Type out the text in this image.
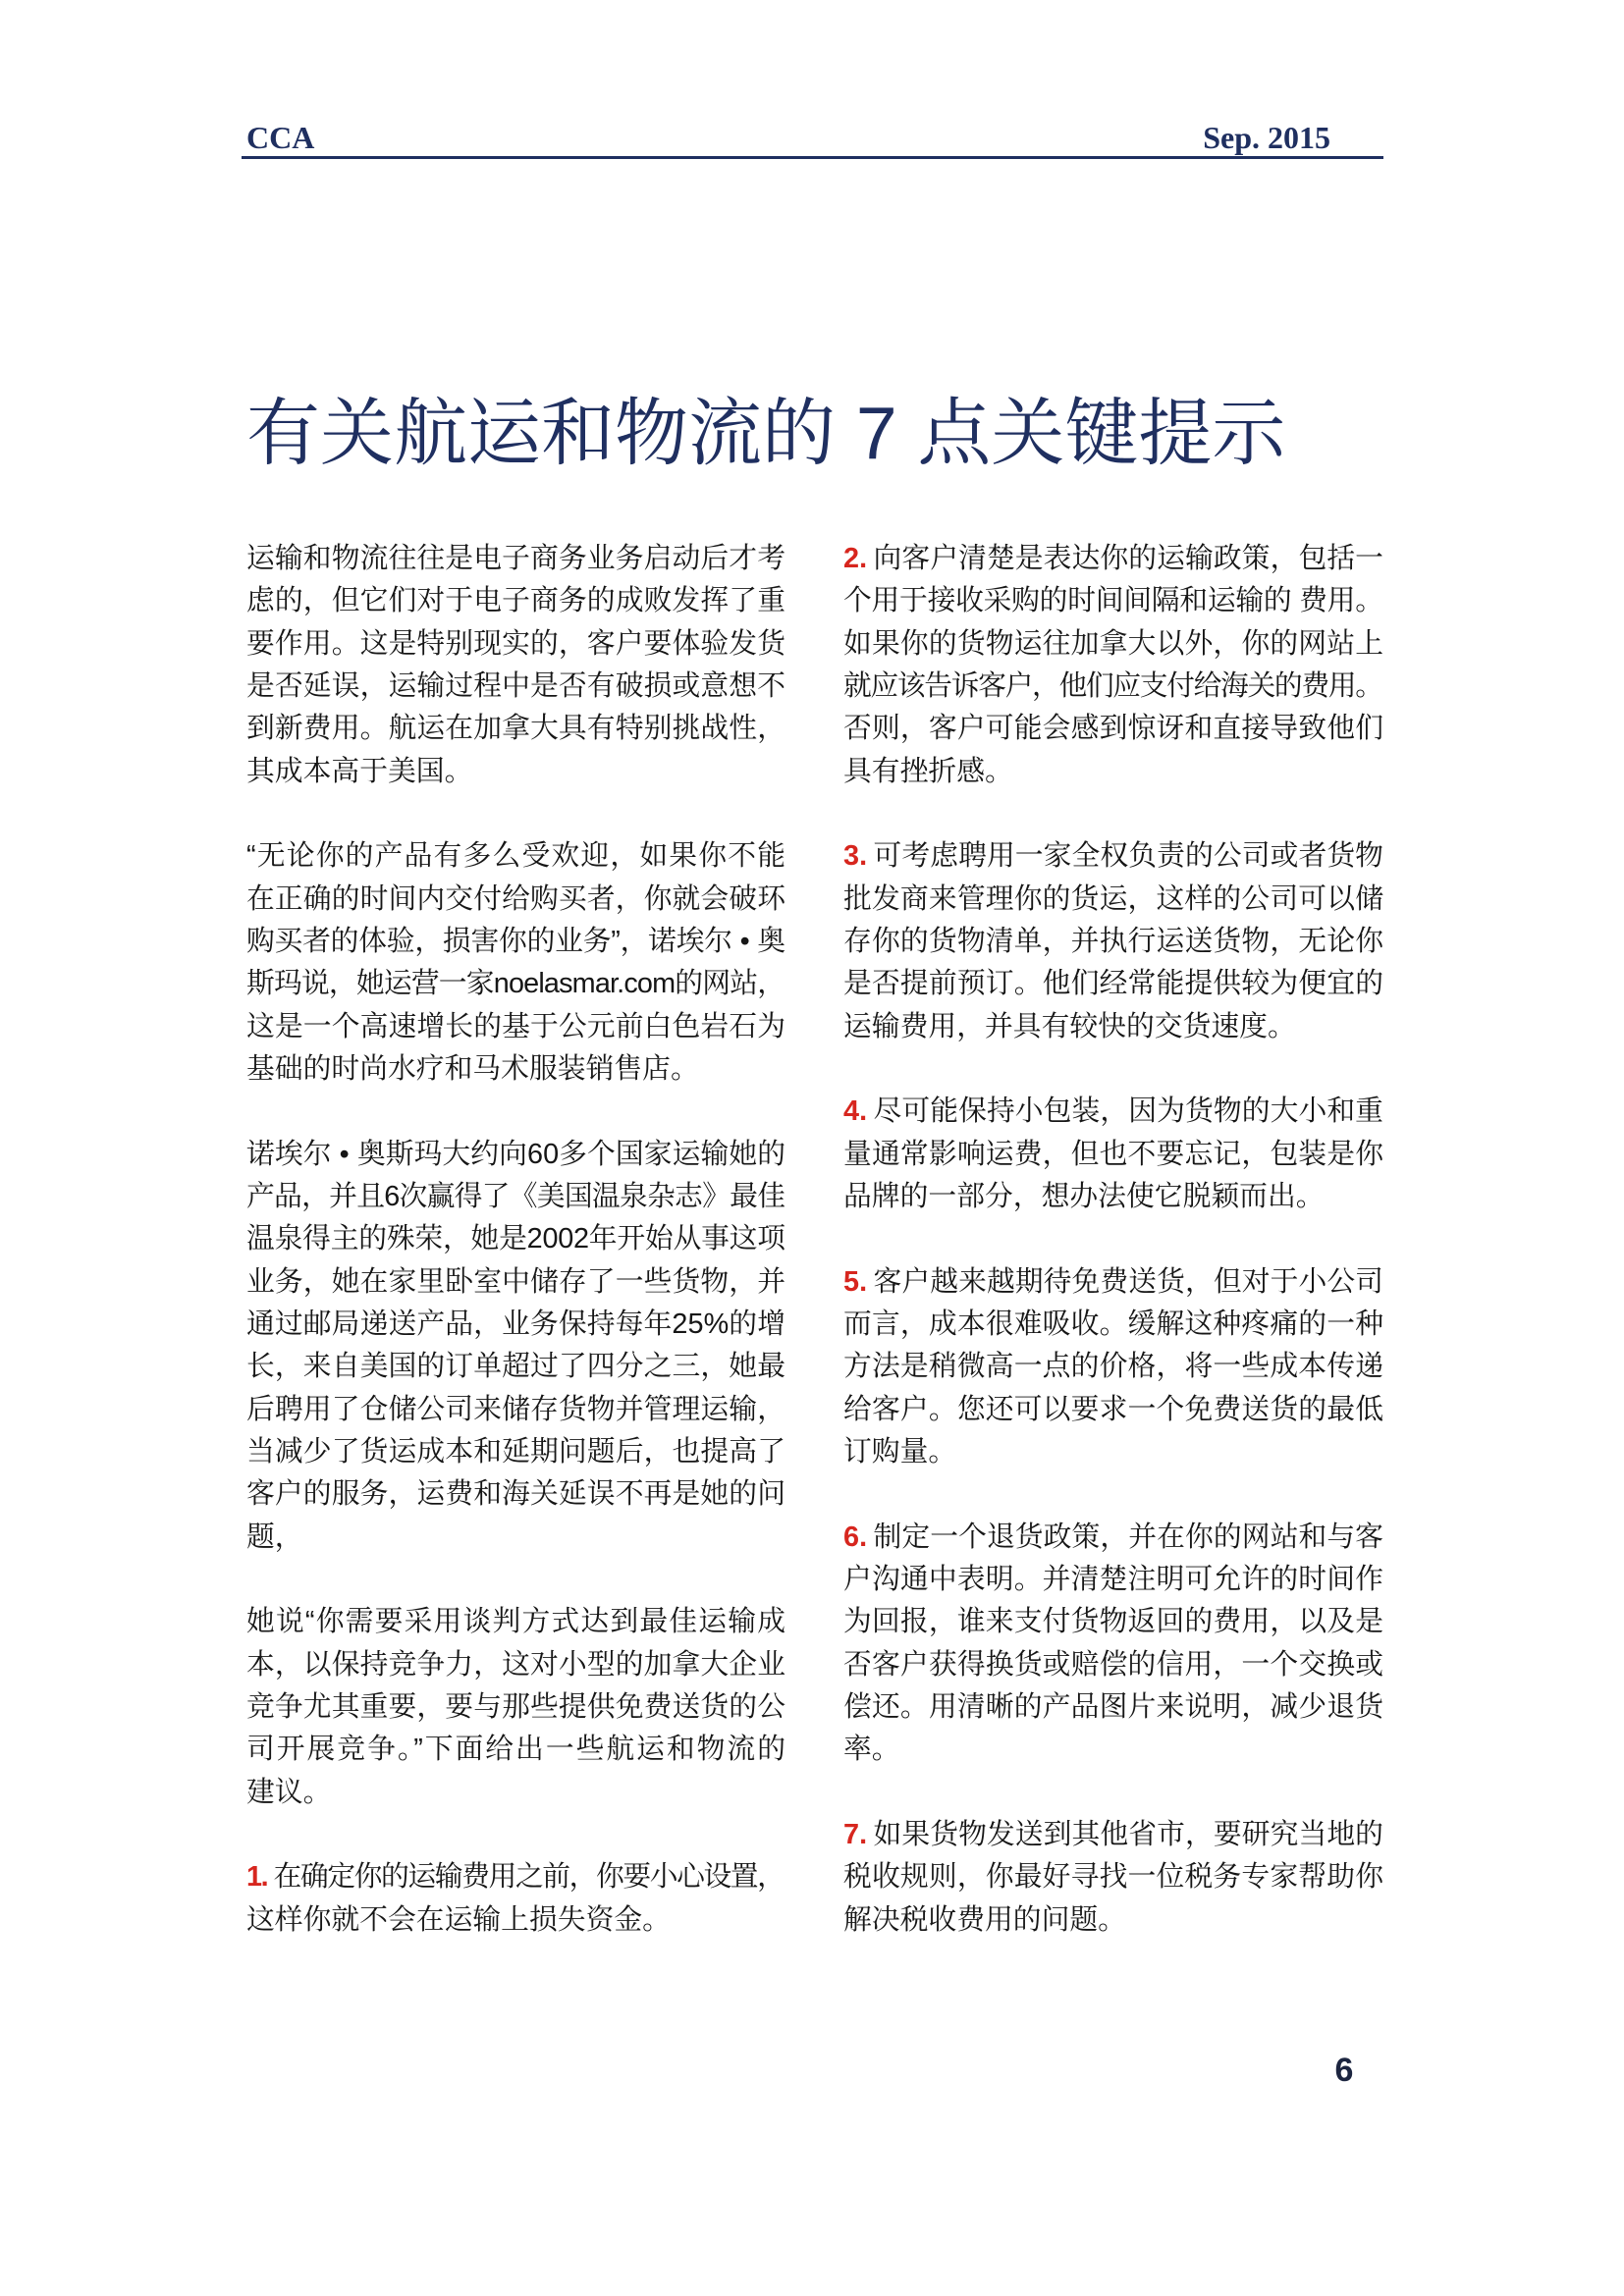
CCA	Sep. 2015
有关航运和物流的 7 点关键提示
运输和物流往往是电子商务业务启动后才考
虑的，但它们对于电子商务的成败发挥了重
要作用。这是特别现实的，客户要体验发货
是否延误，运输过程中是否有破损或意想不
到新费用。航运在加拿大具有特别挑战性，
其成本高于美国。
“无论你的产品有多么受欢迎，如果你不能
在正确的时间内交付给购买者，你就会破环
购买者的体验，损害你的业务”，诺埃尔 • 奥
斯玛说，她运营一家noelasmar.com的网站，
这是一个高速增长的基于公元前白色岩石为
基础的时尚水疗和马术服装销售店。
诺埃尔 • 奥斯玛大约向60多个国家运输她的
产品，并且6次赢得了《美国温泉杂志》最佳
温泉得主的殊荣，她是2002年开始从事这项
业务，她在家里卧室中储存了一些货物，并
通过邮局递送产品，业务保持每年25%的增
长，来自美国的订单超过了四分之三，她最
后聘用了仓储公司来储存货物并管理运输，
当减少了货运成本和延期问题后，也提高了
客户的服务，运费和海关延误不再是她的问
题，
她说“你需要采用谈判方式达到最佳运输成
本，以保持竞争力，这对小型的加拿大企业
竞争尤其重要，要与那些提供免费送货的公
司开展竞争。”下面给出一些航运和物流的
建议。
1. 在确定你的运输费用之前，你要小心设置，
这样你就不会在运输上损失资金。
2. 向客户清楚是表达你的运输政策，包括一
个用于接收采购的时间间隔和运输的 费用。
如果你的货物运往加拿大以外，你的网站上
就应该告诉客户，他们应支付给海关的费用。
否则，客户可能会感到惊讶和直接导致他们
具有挫折感。
3. 可考虑聘用一家全权负责的公司或者货物
批发商来管理你的货运，这样的公司可以储
存你的货物清单，并执行运送货物，无论你
是否提前预订。他们经常能提供较为便宜的
运输费用，并具有较快的交货速度。
4. 尽可能保持小包装，因为货物的大小和重
量通常影响运费，但也不要忘记，包装是你
品牌的一部分，想办法使它脱颖而出。
5. 客户越来越期待免费送货，但对于小公司
而言，成本很难吸收。缓解这种疼痛的一种
方法是稍微高一点的价格，将一些成本传递
给客户。您还可以要求一个免费送货的最低
订购量。
6. 制定一个退货政策，并在你的网站和与客
户沟通中表明。并清楚注明可允许的时间作
为回报，谁来支付货物返回的费用，以及是
否客户获得换货或赔偿的信用，一个交换或
偿还。用清晰的产品图片来说明，减少退货
率。
7. 如果货物发送到其他省市，要研究当地的
税收规则，你最好寻找一位税务专家帮助你
解决税收费用的问题。
6
